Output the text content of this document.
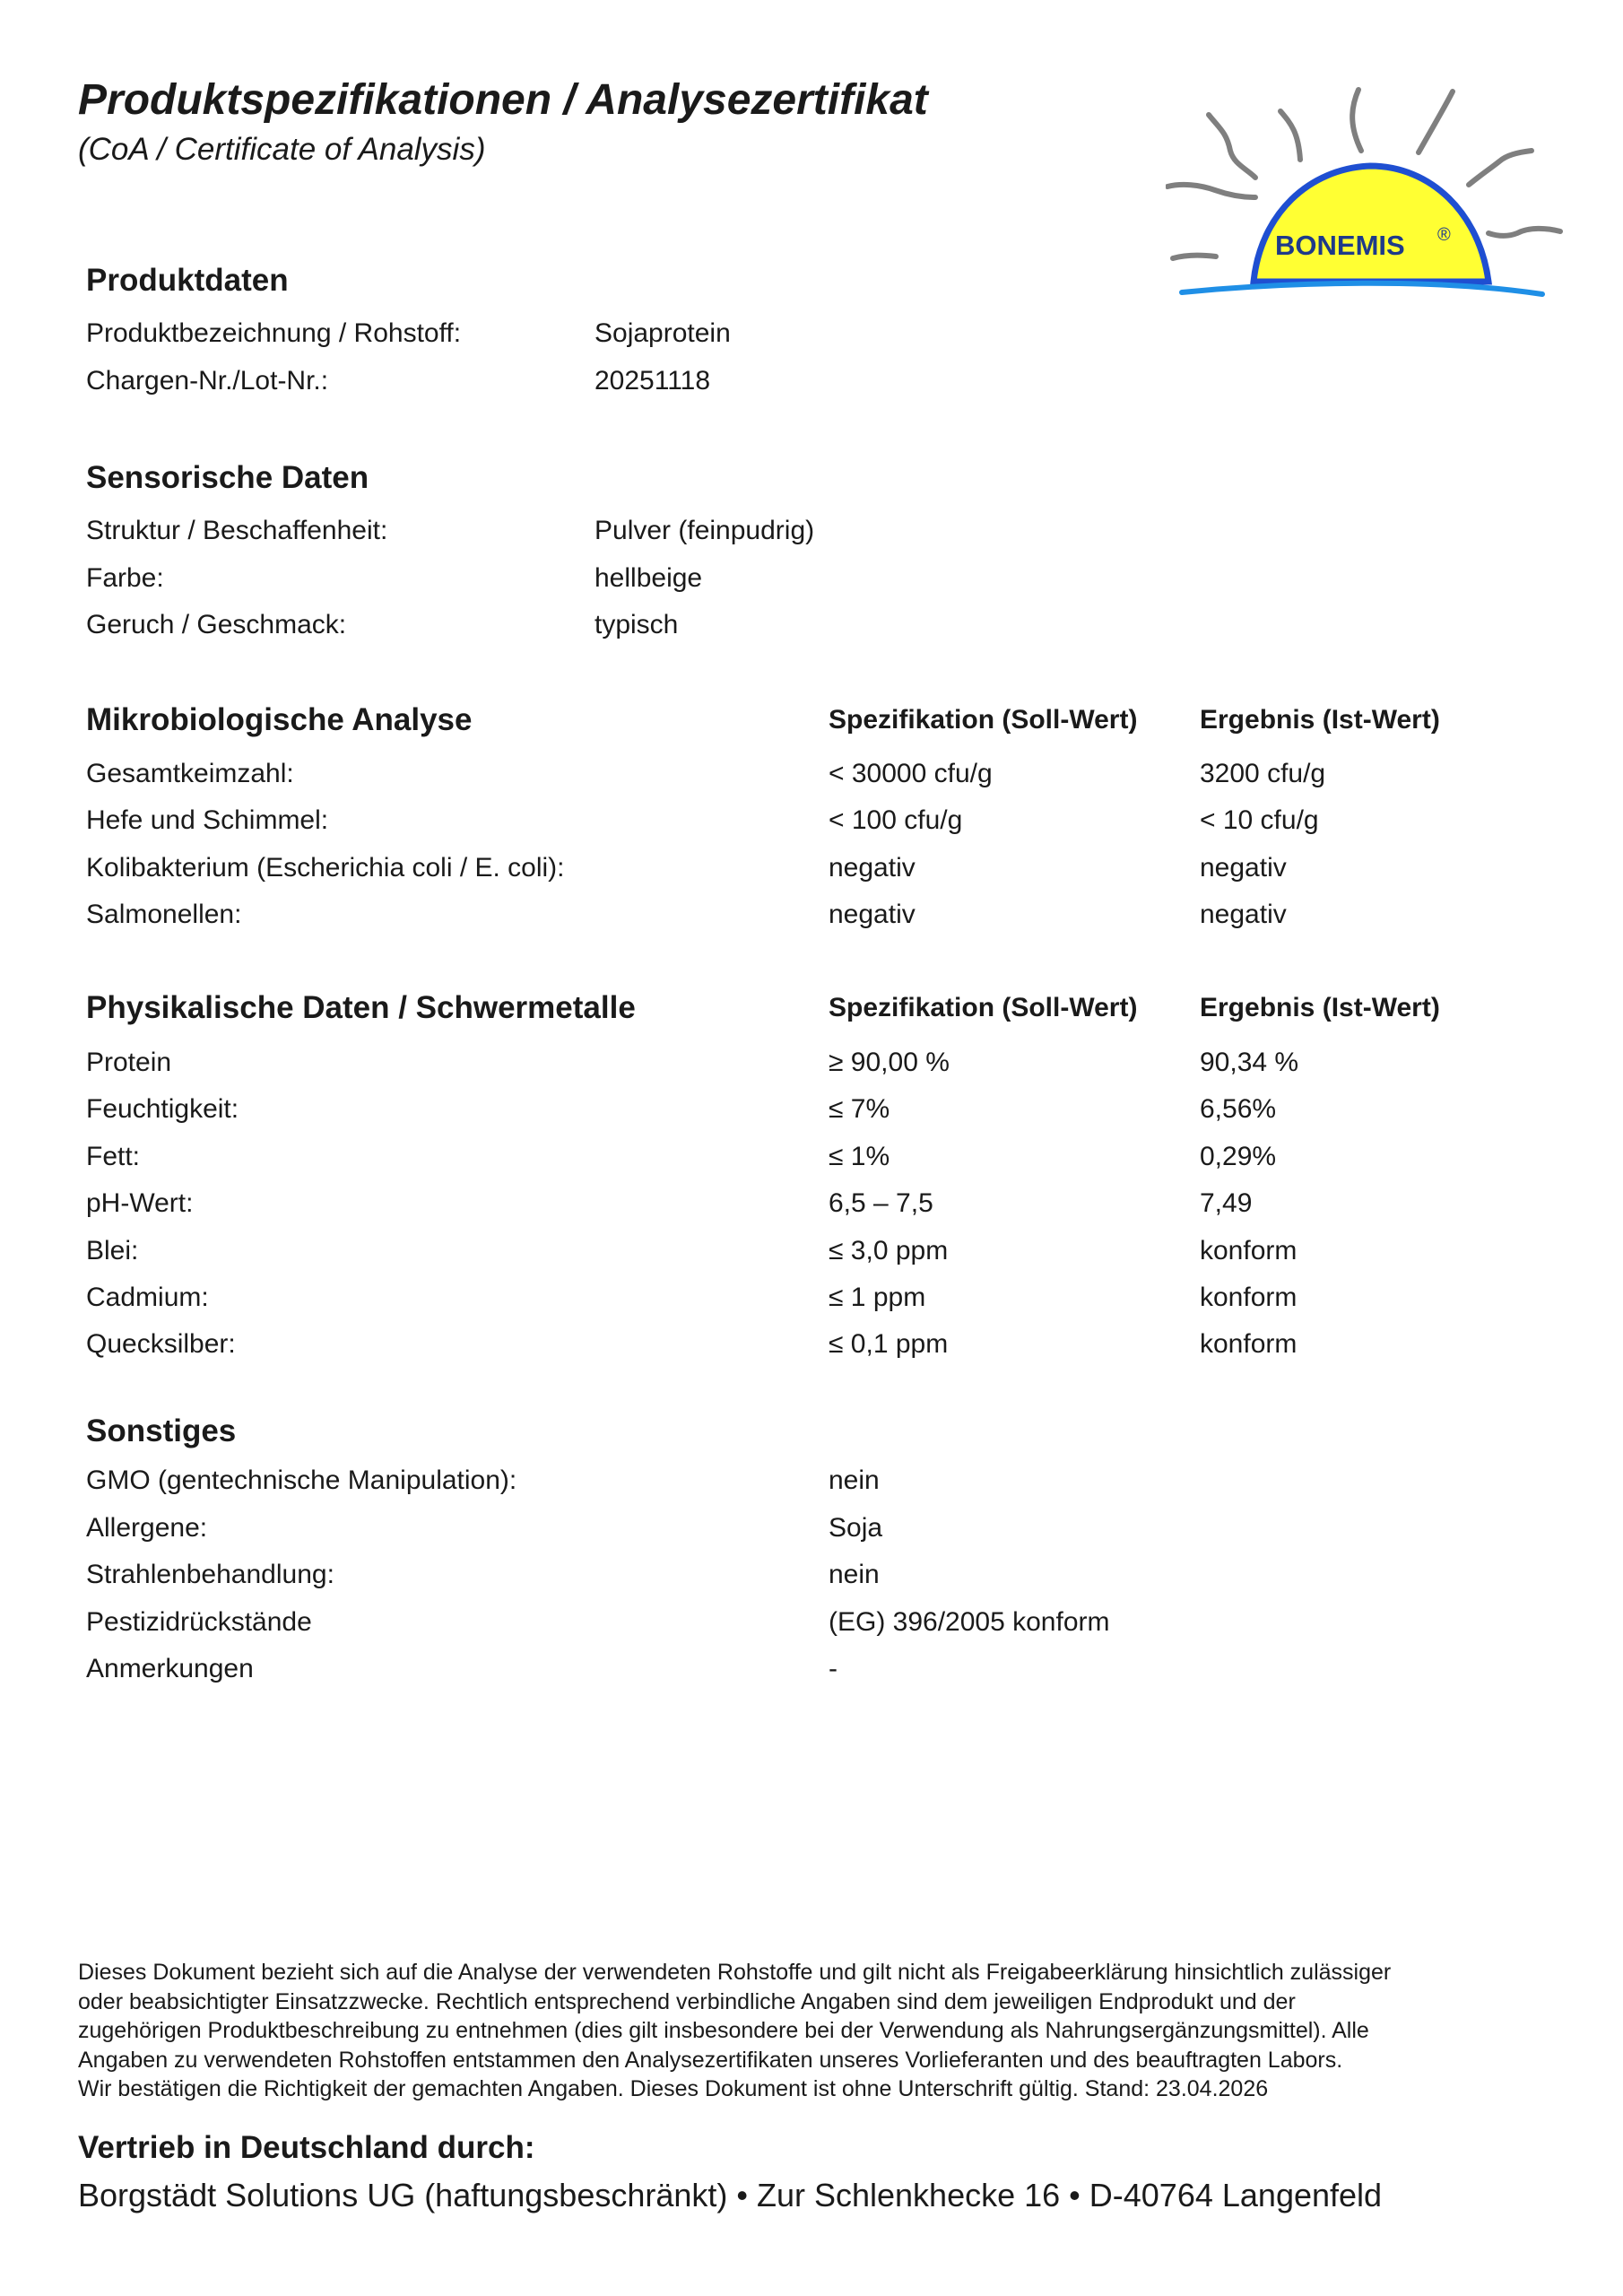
Produktspezifikationen / Analysezertifikat
(CoA / Certificate of Analysis)
BONEMIS ®
Produktdaten
Produktbezeichnung / Rohstoff:	Sojaprotein
Chargen-Nr./Lot-Nr.:	20251118
Sensorische Daten
Struktur / Beschaffenheit:	Pulver (feinpudrig)
Farbe:	hellbeige
Geruch / Geschmack:	typisch
Mikrobiologische Analyse	Spezifikation (Soll-Wert) Ergebnis (Ist-Wert)
Gesamtkeimzahl:	< 30000 cfu/g	3200 cfu/g
Hefe und Schimmel:	< 100 cfu/g	< 10 cfu/g
Kolibakterium (Escherichia coli / E. coli):	negativ	negativ
Salmonellen:	negativ	negativ
Physikalische Daten / Schwermetalle	Spezifikation (Soll-Wert) Ergebnis (Ist-Wert)
Protein	≥ 90,00 %	90,34 %
Feuchtigkeit:	≤ 7%	6,56%
Fett:	≤ 1%	0,29%
pH-Wert:	6,5 – 7,5	7,49
Blei:	≤ 3,0 ppm	konform
Cadmium:	≤ 1 ppm	konform
Quecksilber:	≤ 0,1 ppm	konform
Sonstiges
GMO (gentechnische Manipulation):	nein
Allergene:	Soja
Strahlenbehandlung:	nein
Pestizidrückstände	(EG) 396/2005 konform
Anmerkungen	-
Dieses Dokument bezieht sich auf die Analyse der verwendeten Rohstoffe und gilt nicht als Freigabeerklärung hinsichtlich zulässiger
oder beabsichtigter Einsatzzwecke. Rechtlich entsprechend verbindliche Angaben sind dem jeweiligen Endprodukt und der
zugehörigen Produktbeschreibung zu entnehmen (dies gilt insbesondere bei der Verwendung als Nahrungsergänzungsmittel). Alle
Angaben zu verwendeten Rohstoffen entstammen den Analysezertifikaten unseres Vorlieferanten und des beauftragten Labors.
Wir bestätigen die Richtigkeit der gemachten Angaben. Dieses Dokument ist ohne Unterschrift gültig. Stand: 23.04.2026
Vertrieb in Deutschland durch:
Borgstädt Solutions UG (haftungsbeschränkt) • Zur Schlenkhecke 16 • D-40764 Langenfeld
